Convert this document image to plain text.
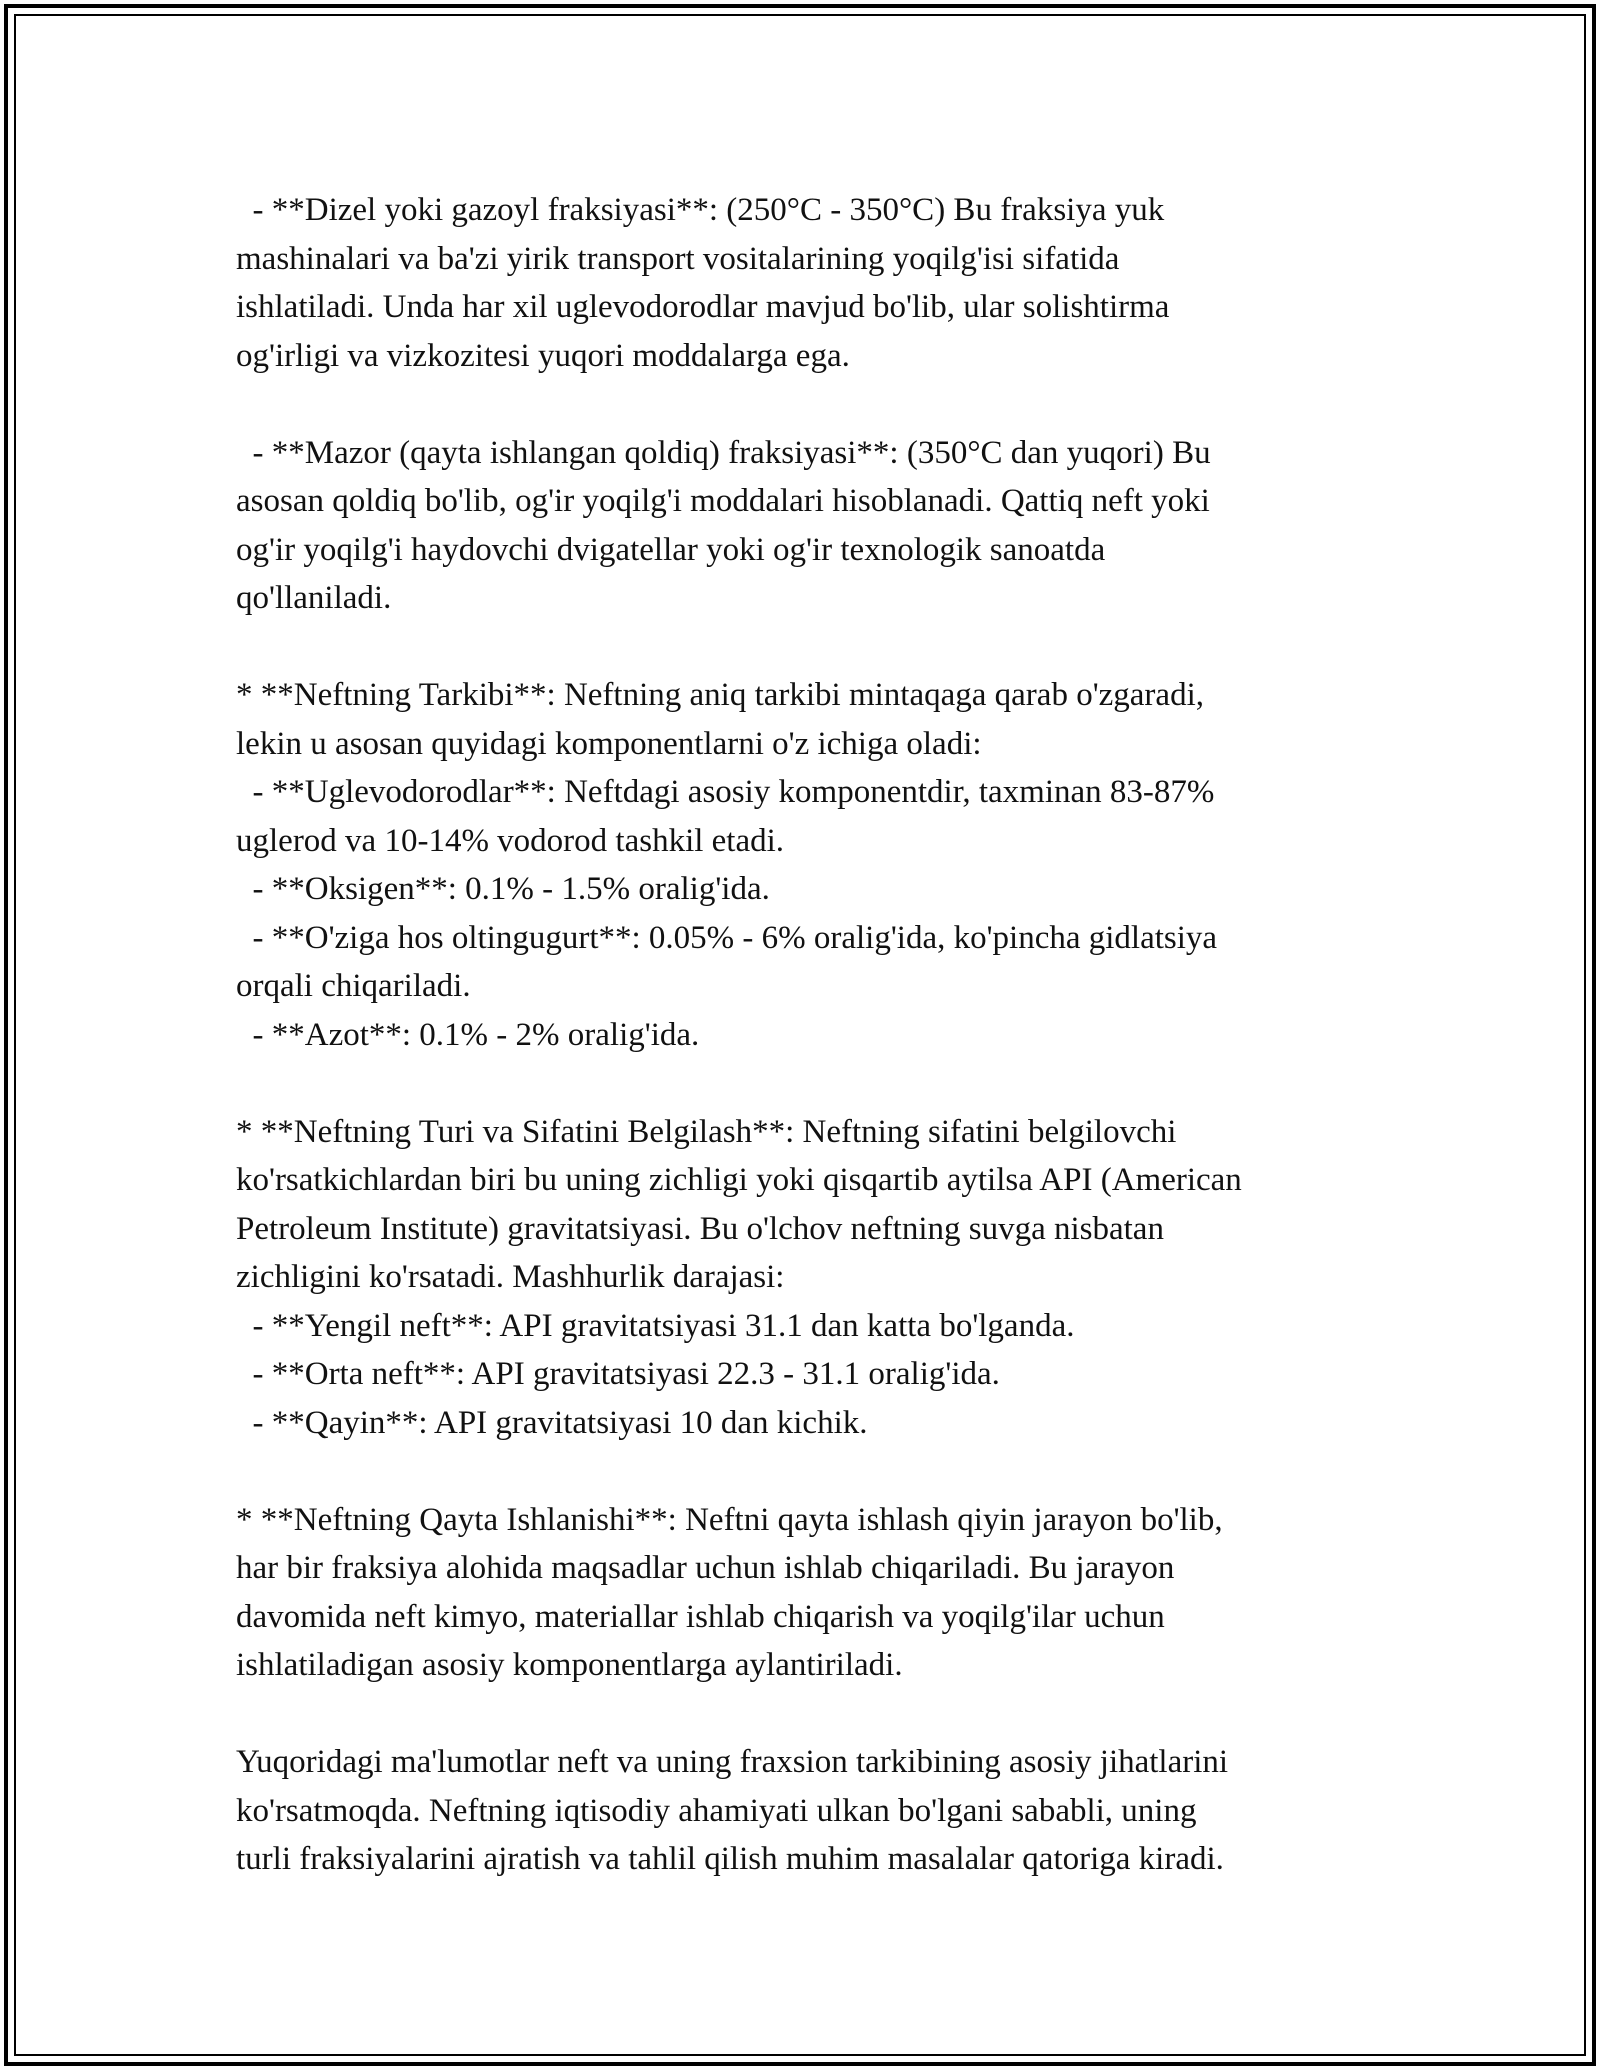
- **Dizel yoki gazoyl fraksiyasi**: (250°C - 350°C) Bu fraksiya yuk
mashinalari va ba'zi yirik transport vositalarining yoqilg'isi sifatida
ishlatiladi. Unda har xil uglevodorodlar mavjud bo'lib, ular solishtirma
og'irligi va vizkozitesi yuqori moddalarga ega.
- **Mazor (qayta ishlangan qoldiq) fraksiyasi**: (350°C dan yuqori) Bu
asosan qoldiq bo'lib, og'ir yoqilg'i moddalari hisoblanadi. Qattiq neft yoki
og'ir yoqilg'i haydovchi dvigatellar yoki og'ir texnologik sanoatda
qo'llaniladi.
* **Neftning Tarkibi**: Neftning aniq tarkibi mintaqaga qarab o'zgaradi,
lekin u asosan quyidagi komponentlarni o'z ichiga oladi:
- **Uglevodorodlar**: Neftdagi asosiy komponentdir, taxminan 83-87%
uglerod va 10-14% vodorod tashkil etadi.
- **Oksigen**: 0.1% - 1.5% oralig'ida.
- **O'ziga hos oltingugurt**: 0.05% - 6% oralig'ida, ko'pincha gidlatsiya
orqali chiqariladi.
- **Azot**: 0.1% - 2% oralig'ida.
* **Neftning Turi va Sifatini Belgilash**: Neftning sifatini belgilovchi
ko'rsatkichlardan biri bu uning zichligi yoki qisqartib aytilsa API (American
Petroleum Institute) gravitatsiyasi. Bu o'lchov neftning suvga nisbatan
zichligini ko'rsatadi. Mashhurlik darajasi:
- **Yengil neft**: API gravitatsiyasi 31.1 dan katta bo'lganda.
- **Orta neft**: API gravitatsiyasi 22.3 - 31.1 oralig'ida.
- **Qayin**: API gravitatsiyasi 10 dan kichik.
* **Neftning Qayta Ishlanishi**: Neftni qayta ishlash qiyin jarayon bo'lib,
har bir fraksiya alohida maqsadlar uchun ishlab chiqariladi. Bu jarayon
davomida neft kimyo, materiallar ishlab chiqarish va yoqilg'ilar uchun
ishlatiladigan asosiy komponentlarga aylantiriladi.
Yuqoridagi ma'lumotlar neft va uning fraxsion tarkibining asosiy jihatlarini
ko'rsatmoqda. Neftning iqtisodiy ahamiyati ulkan bo'lgani sababli, uning
turli fraksiyalarini ajratish va tahlil qilish muhim masalalar qatoriga kiradi.
